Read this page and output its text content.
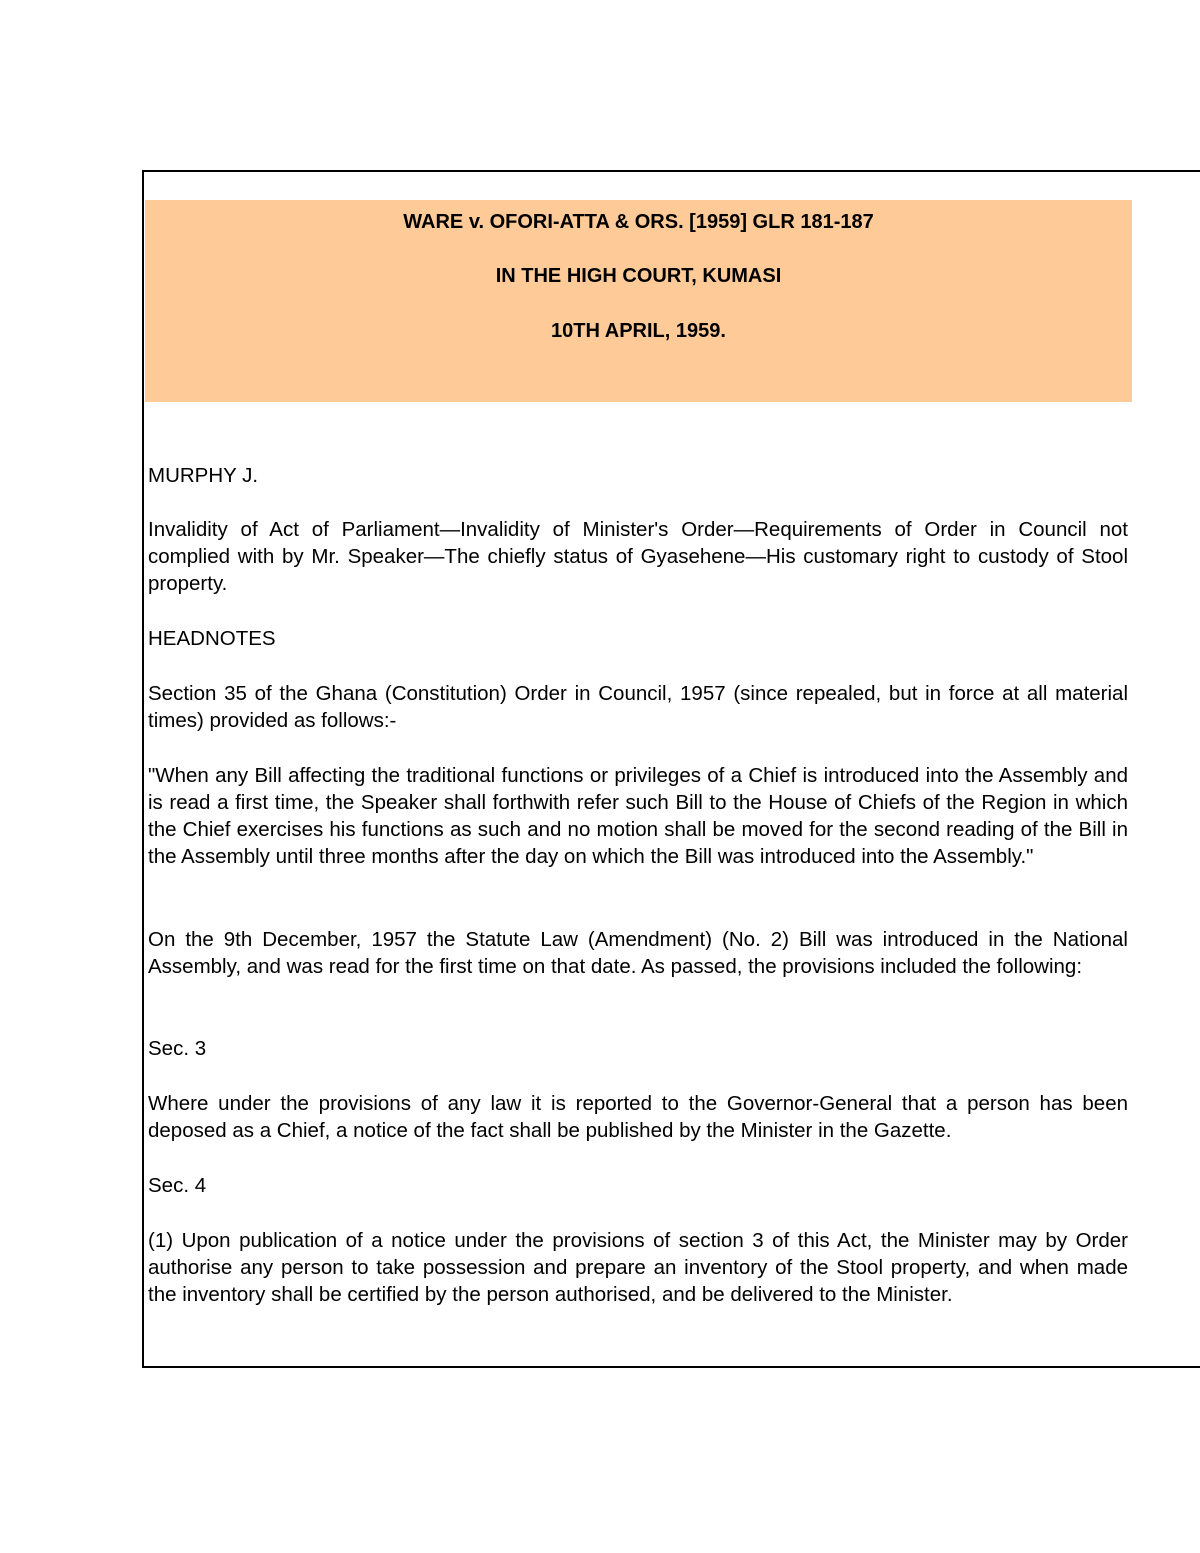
WARE v. OFORI-ATTA & ORS. [1959] GLR 181-187
IN THE HIGH COURT, KUMASI
10TH APRIL, 1959.

MURPHY J.

Invalidity of Act of Parliament—Invalidity of Minister's Order—Requirements of Order in Council not complied with by Mr. Speaker—The chiefly status of Gyasehene—His customary right to custody of Stool property.

HEADNOTES

Section 35 of the Ghana (Constitution) Order in Council, 1957 (since repealed, but in force at all material times) provided as follows:-

"When any Bill affecting the traditional functions or privileges of a Chief is introduced into the Assembly and is read a first time, the Speaker shall forthwith refer such Bill to the House of Chiefs of the Region in which the Chief exercises his functions as such and no motion shall be moved for the second reading of the Bill in the Assembly until three months after the day on which the Bill was introduced into the Assembly."

On the 9th December, 1957 the Statute Law (Amendment) (No. 2) Bill was introduced in the National Assembly, and was read for the first time on that date. As passed, the provisions included the following:

Sec. 3

Where under the provisions of any law it is reported to the Governor-General that a person has been deposed as a Chief, a notice of the fact shall be published by the Minister in the Gazette.

Sec. 4

(1) Upon publication of a notice under the provisions of section 3 of this Act, the Minister may by Order authorise any person to take possession and prepare an inventory of the Stool property, and when made the inventory shall be certified by the person authorised, and be delivered to the Minister.
